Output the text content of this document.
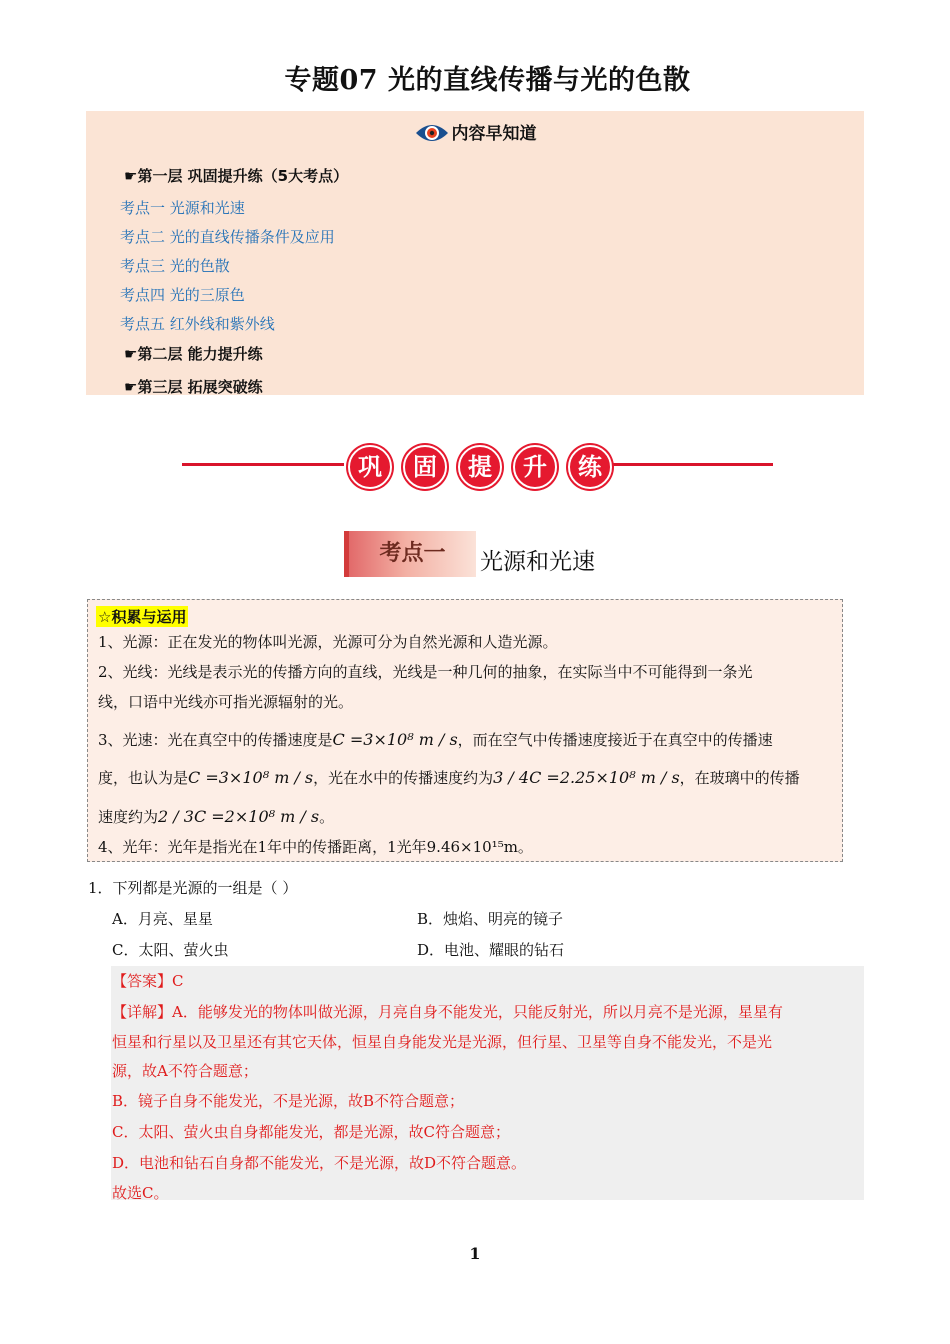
专题07 光的直线传播与光的色散
内容早知道
☛第一层 巩固提升练（5大考点）
考点一 光源和光速
考点二 光的直线传播条件及应用
考点三 光的色散
考点四 光的三原色
考点五 红外线和紫外线
☛第二层 能力提升练
☛第三层 拓展突破练
巩	固	提	升	练
考点一	光源和光速
☆积累与运用
1、光源：正在发光的物体叫光源，光源可分为自然光源和人造光源。
2、光线：光线是表示光的传播方向的直线，光线是一种几何的抽象，在实际当中不可能得到一条光
线，口语中光线亦可指光源辐射的光。
3、光速：光在真空中的传播速度是C =3×10⁸ m / s，而在空气中传播速度接近于在真空中的传播速
度，也认为是C =3×10⁸ m / s，光在水中的传播速度约为3 / 4C =2.25×10⁸ m / s，在玻璃中的传播
速度约为2 / 3C =2×10⁸ m / s。
4、光年：光年是指光在1年中的传播距离，1光年9.46×10¹⁵m。
1．下列都是光源的一组是（ ）
A．月亮、星星	B．烛焰、明亮的镜子
C．太阳、萤火虫	D．电池、耀眼的钻石
【答案】C
【详解】A．能够发光的物体叫做光源，月亮自身不能发光，只能反射光，所以月亮不是光源，星星有
恒星和行星以及卫星还有其它天体，恒星自身能发光是光源，但行星、卫星等自身不能发光，不是光
源，故A不符合题意；
B．镜子自身不能发光，不是光源，故B不符合题意；
C．太阳、萤火虫自身都能发光，都是光源，故C符合题意；
D．电池和钻石自身都不能发光，不是光源，故D不符合题意。
故选C。
1
